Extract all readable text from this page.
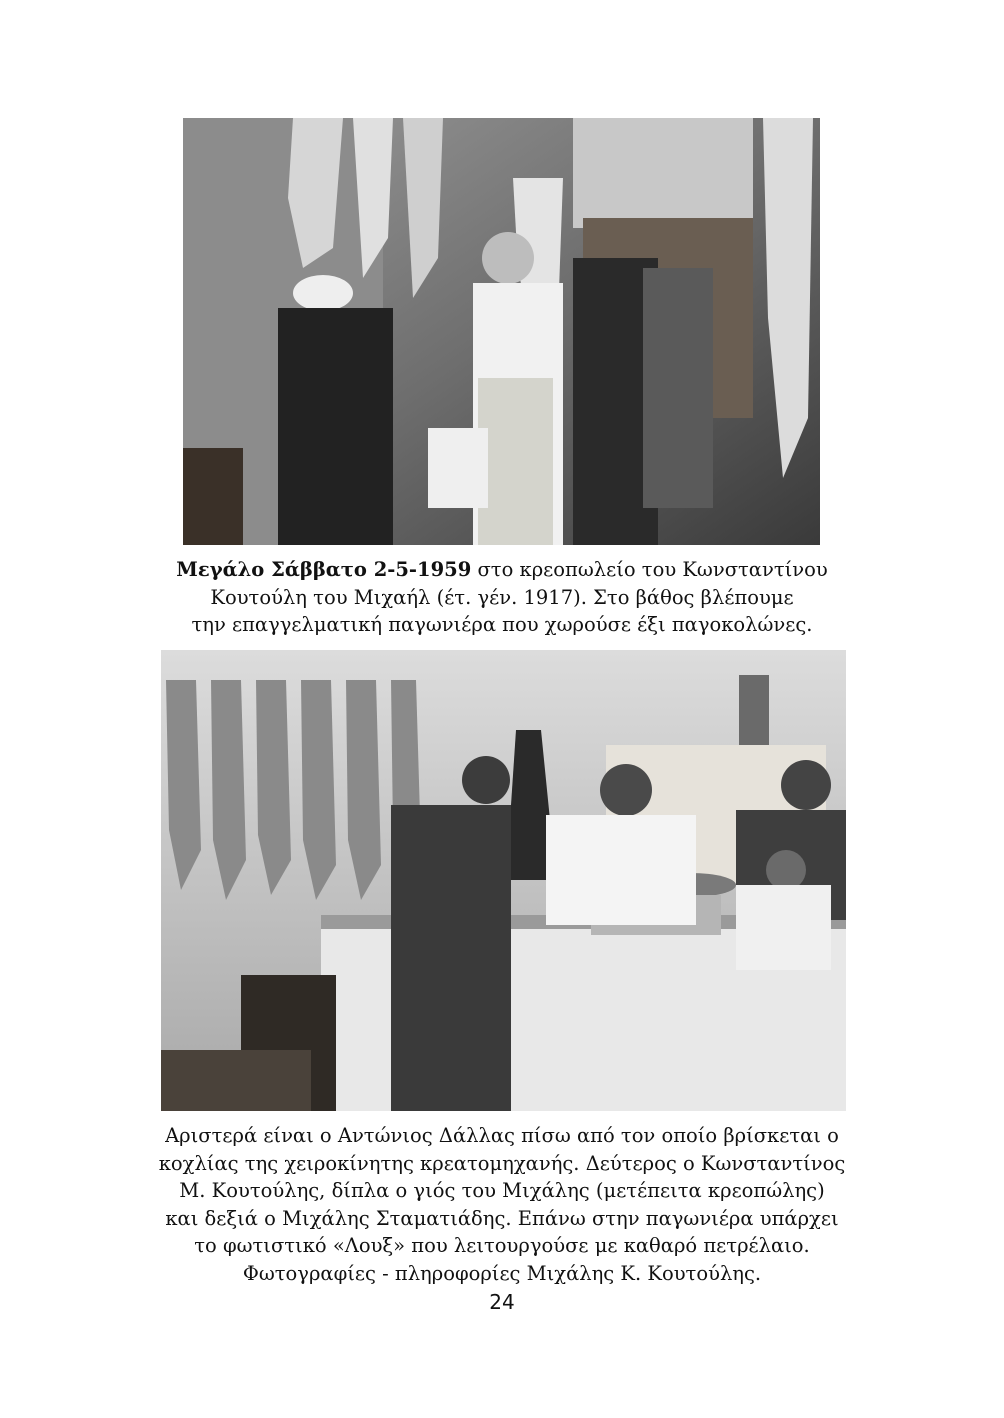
Μεγάλο Σάββατο 2-5-1959 στο κρεοπωλείο του Κωνσταντίνου
Κουτούλη του Μιχαήλ (έτ. γέν. 1917). Στο βάθος βλέπουμε
την επαγγελματική παγωνιέρα που χωρούσε έξι παγοκολώνες.
Αριστερά είναι ο Αντώνιος Δάλλας πίσω από τον οποίο βρίσκεται ο
κοχλίας της χειροκίνητης κρεατομηχανής. Δεύτερος ο Κωνσταντίνος
Μ. Κουτούλης, δίπλα ο γιός του Μιχάλης (μετέπειτα κρεοπώλης)
και δεξιά ο Μιχάλης Σταματιάδης. Επάνω στην παγωνιέρα υπάρχει
το φωτιστικό «Λουξ» που λειτουργούσε με καθαρό πετρέλαιο.
Φωτογραφίες - πληροφορίες Μιχάλης Κ. Κουτούλης.
24
